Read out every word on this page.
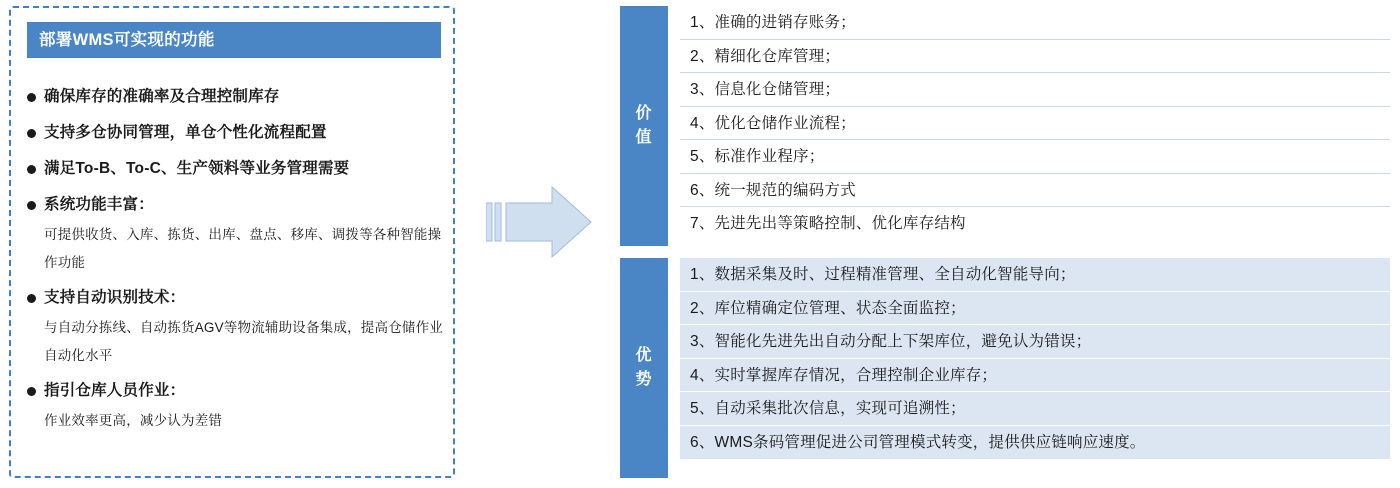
部署WMS可实现的功能
确保库存的准确率及合理控制库存
支持多仓协同管理，单仓个性化流程配置
满足To-B、To-C、生产领料等业务管理需要
系统功能丰富：
可提供收货、入库、拣货、出库、盘点、移库、调拨等各种智能操作功能
支持自动识别技术：
与自动分拣线、自动拣货AGV等物流辅助设备集成，提高仓储作业自动化水平
指引仓库人员作业：
作业效率更高，减少认为差错
价值
1、准确的进销存账务；
2、精细化仓库管理；
3、信息化仓储管理；
4、优化仓储作业流程；
5、标准作业程序；
6、统一规范的编码方式
7、先进先出等策略控制、优化库存结构
优势
1、数据采集及时、过程精准管理、全自动化智能导向；
2、库位精确定位管理、状态全面监控；
3、智能化先进先出自动分配上下架库位，避免认为错误；
4、实时掌握库存情况，合理控制企业库存；
5、自动采集批次信息，实现可追溯性；
6、WMS条码管理促进公司管理模式转变，提供供应链响应速度。
